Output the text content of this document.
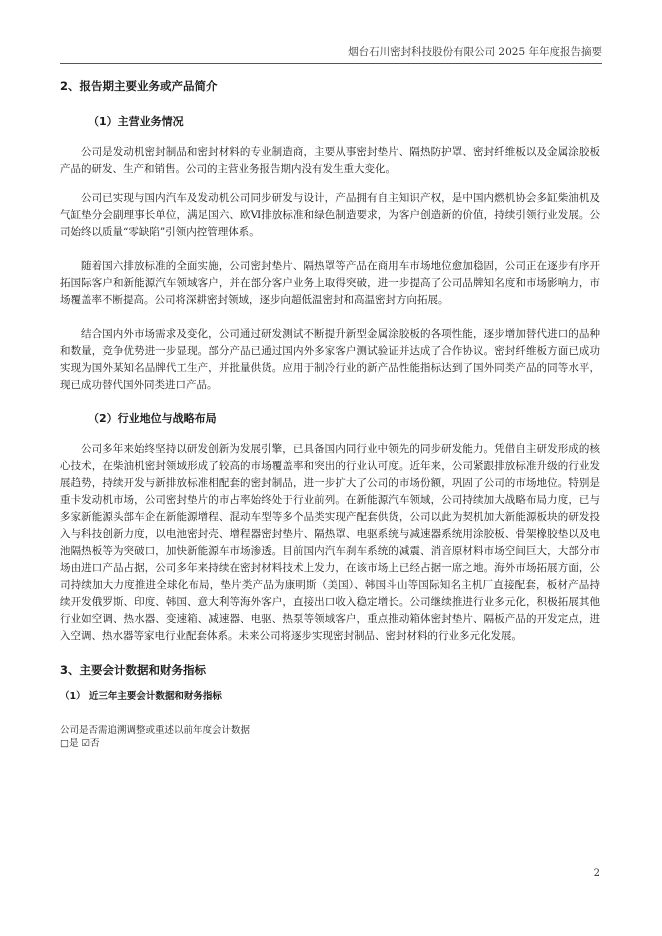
烟台石川密封科技股份有限公司 2025 年年度报告摘要
2、报告期主要业务或产品简介
（1）主营业务情况

公司是发动机密封制品和密封材料的专业制造商，主要从事密封垫片、隔热防护罩、密封纤维板以及金属涂胶板产品的研发、生产和销售。公司的主营业务报告期内没有发生重大变化。

公司已实现与国内汽车及发动机公司同步研发与设计，产品拥有自主知识产权，是中国内燃机协会多缸柴油机及气缸垫分会副理事长单位，满足国六、欧Ⅵ排放标准和绿色制造要求，为客户创造新的价值，持续引领行业发展。公司始终以质量“零缺陷”引领内控管理体系。

随着国六排放标准的全面实施，公司密封垫片、隔热罩等产品在商用车市场地位愈加稳固，公司正在逐步有序开拓国际客户和新能源汽车领域客户，并在部分客户业务上取得突破，进一步提高了公司品牌知名度和市场影响力，市场覆盖率不断提高。公司将深耕密封领域，逐步向超低温密封和高温密封方向拓展。

结合国内外市场需求及变化，公司通过研发测试不断提升新型金属涂胶板的各项性能，逐步增加替代进口的品种和数量，竞争优势进一步显现。部分产品已通过国内外多家客户测试验证并达成了合作协议。密封纤维板方面已成功实现为国外某知名品牌代工生产，并批量供货。应用于制冷行业的新产品性能指标达到了国外同类产品的同等水平，现已成功替代国外同类进口产品。

（2）行业地位与战略布局

公司多年来始终坚持以研发创新为发展引擎，已具备国内同行业中领先的同步研发能力。凭借自主研发形成的核心技术，在柴油机密封领域形成了较高的市场覆盖率和突出的行业认可度。近年来，公司紧跟排放标准升级的行业发展趋势，持续开发与新排放标准相配套的密封制品，进一步扩大了公司的市场份额，巩固了公司的市场地位。特别是重卡发动机市场，公司密封垫片的市占率始终处于行业前列。在新能源汽车领域，公司持续加大战略布局力度，已与多家新能源头部车企在新能源增程、混动车型等多个品类实现产配套供货，公司以此为契机加大新能源板块的研发投入与科技创新力度，以电池密封壳、增程器密封垫片、隔热罩、电驱系统与减速器系统用涂胶板、骨架橡胶垫以及电池隔热板等为突破口，加快新能源车市场渗透。目前国内汽车刹车系统的减震、消音原材料市场空间巨大，大部分市场由进口产品占据，公司多年来持续在密封材料技术上发力，在该市场上已经占据一席之地。海外市场拓展方面，公司持续加大力度推进全球化布局，垫片类产品为康明斯（美国）、韩国斗山等国际知名主机厂直接配套，板材产品持续开发俄罗斯、印度、韩国、意大利等海外客户，直接出口收入稳定增长。公司继续推进行业多元化，积极拓展其他行业如空调、热水器、变速箱、减速器、电驱、热泵等领域客户，重点推动箱体密封垫片、隔板产品的开发定点，进入空调、热水器等家电行业配套体系。未来公司将逐步实现密封制品、密封材料的行业多元化发展。

3、主要会计数据和财务指标
（1） 近三年主要会计数据和财务指标
公司是否需追溯调整或重述以前年度会计数据
□是 ☑否
2
